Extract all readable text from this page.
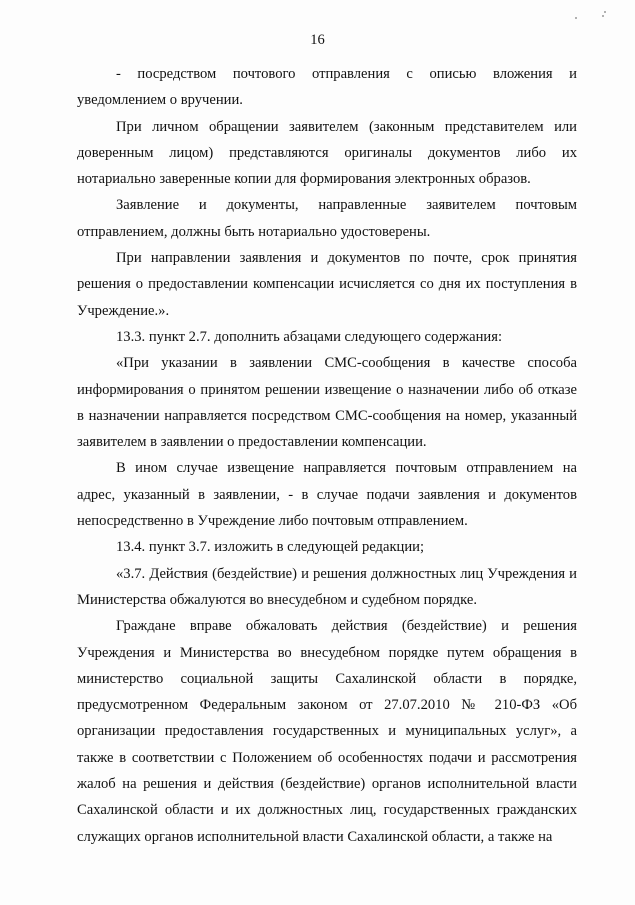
16

- посредством почтового отправления с описью вложения и уведомлением о вручении.

При личном обращении заявителем (законным представителем или доверенным лицом) представляются оригиналы документов либо их нотариально заверенные копии для формирования электронных образов.

Заявление и документы, направленные заявителем почтовым отправлением, должны быть нотариально удостоверены.

При направлении заявления и документов по почте, срок принятия решения о предоставлении компенсации исчисляется со дня их поступления в Учреждение.».

13.3. пункт 2.7. дополнить абзацами следующего содержания:

«При указании в заявлении СМС-сообщения в качестве способа информирования о принятом решении извещение о назначении либо об отказе в назначении направляется посредством СМС-сообщения на номер, указанный заявителем в заявлении о предоставлении компенсации.

В ином случае извещение направляется почтовым отправлением на адрес, указанный в заявлении, - в случае подачи заявления и документов непосредственно в Учреждение либо почтовым отправлением.

13.4. пункт 3.7. изложить в следующей редакции;

«3.7. Действия (бездействие) и решения должностных лиц Учреждения и Министерства обжалуются во внесудебном и судебном порядке.

Граждане вправе обжаловать действия (бездействие) и решения Учреждения и Министерства во внесудебном порядке путем обращения в министерство социальной защиты Сахалинской области в порядке, предусмотренном Федеральным законом от 27.07.2010 № 210-ФЗ «Об организации предоставления государственных и муниципальных услуг», а также в соответствии с Положением об особенностях подачи и рассмотрения жалоб на решения и действия (бездействие) органов исполнительной власти Сахалинской области и их должностных лиц, государственных гражданских служащих органов исполнительной власти Сахалинской области, а также на
